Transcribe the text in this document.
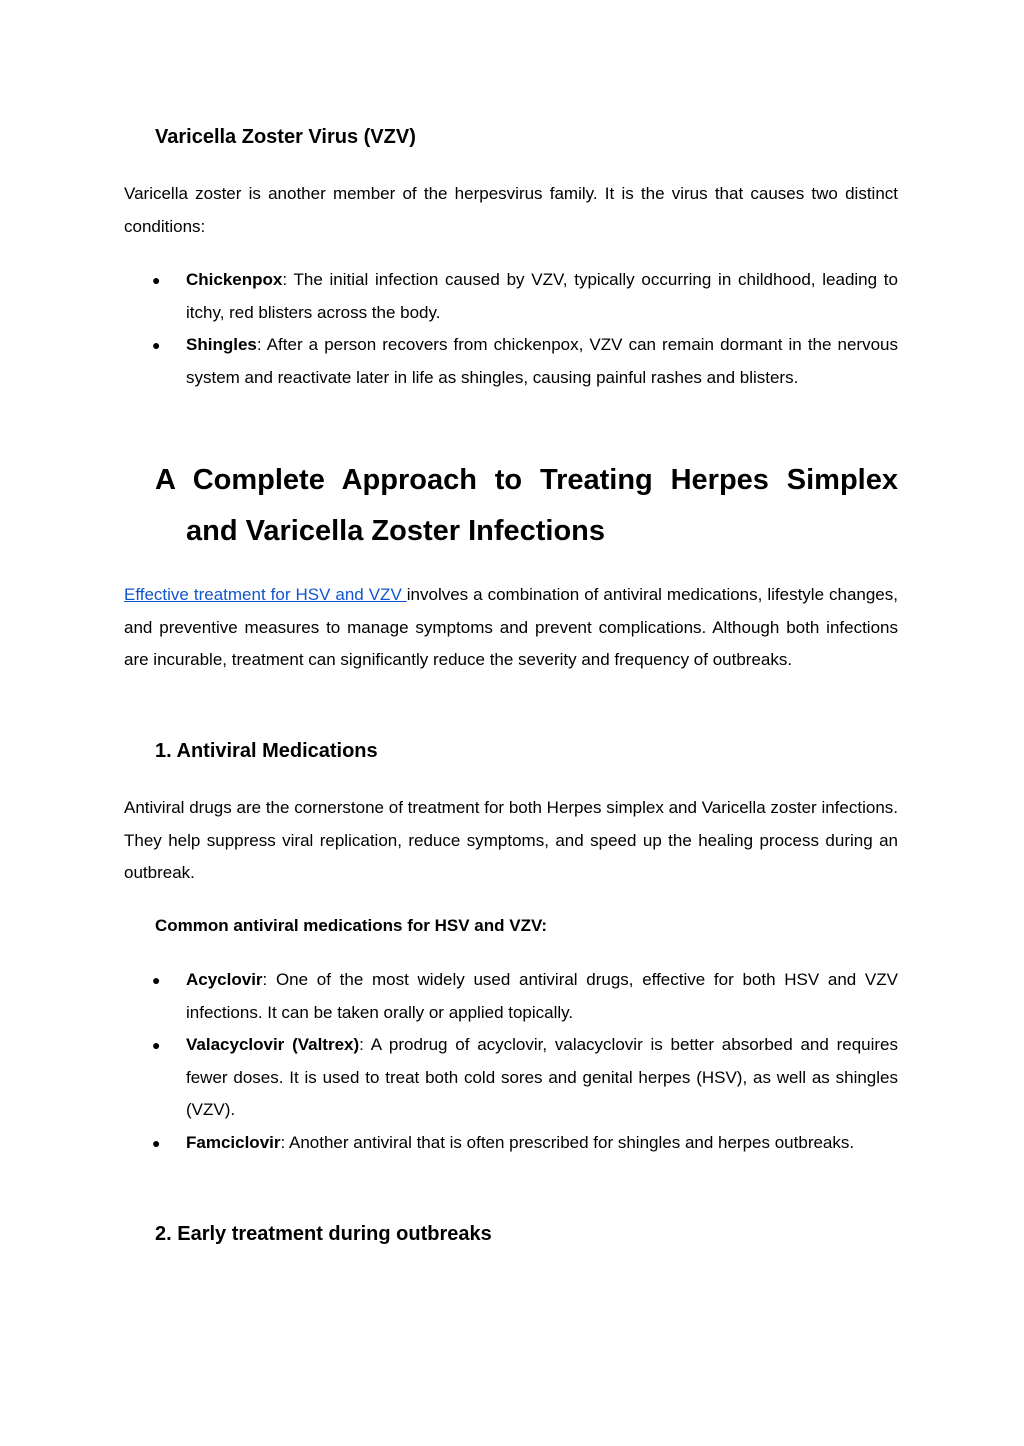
Varicella Zoster Virus (VZV)

Varicella zoster is another member of the herpesvirus family. It is the virus that causes two distinct conditions:

● Chickenpox: The initial infection caused by VZV, typically occurring in childhood, leading to itchy, red blisters across the body.
● Shingles: After a person recovers from chickenpox, VZV can remain dormant in the nervous system and reactivate later in life as shingles, causing painful rashes and blisters.
A Complete Approach to Treating Herpes Simplex and Varicella Zoster Infections

Effective treatment for HSV and VZV involves a combination of antiviral medications, lifestyle changes, and preventive measures to manage symptoms and prevent complications. Although both infections are incurable, treatment can significantly reduce the severity and frequency of outbreaks.

1. Antiviral Medications

Antiviral drugs are the cornerstone of treatment for both Herpes simplex and Varicella zoster infections. They help suppress viral replication, reduce symptoms, and speed up the healing process during an outbreak.

Common antiviral medications for HSV and VZV:
● Acyclovir: One of the most widely used antiviral drugs, effective for both HSV and VZV infections. It can be taken orally or applied topically.
● Valacyclovir (Valtrex): A prodrug of acyclovir, valacyclovir is better absorbed and requires fewer doses. It is used to treat both cold sores and genital herpes (HSV), as well as shingles (VZV).
● Famciclovir: Another antiviral that is often prescribed for shingles and herpes outbreaks.
2. Early treatment during outbreaks
